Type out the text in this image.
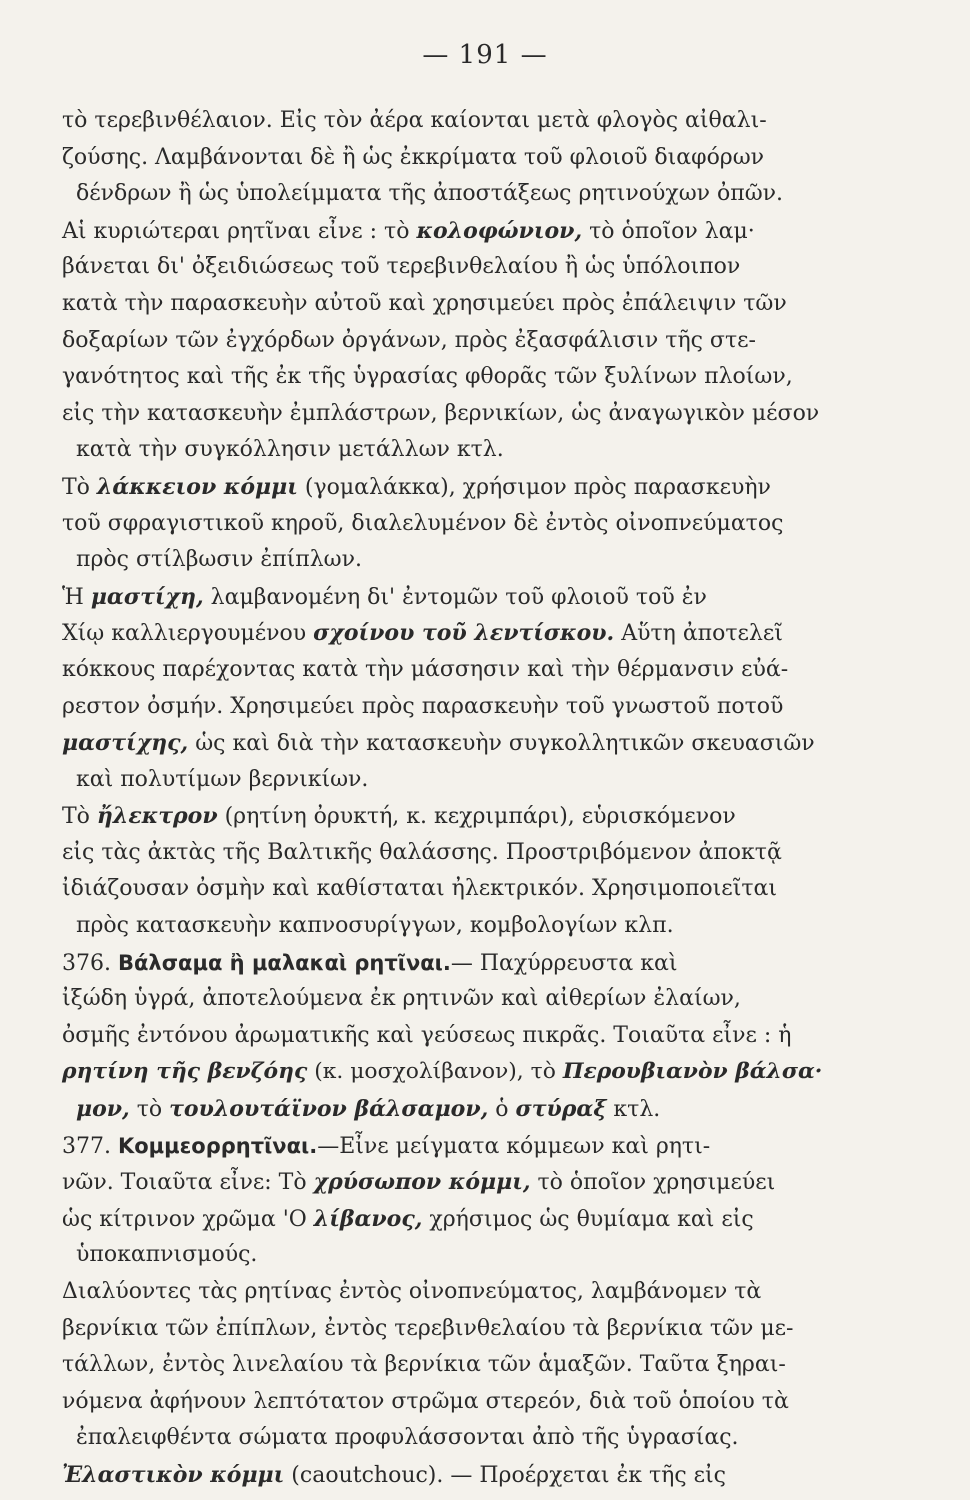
— 191 —
τὸ τερεβινθέλαιον. Εἰς τὸν ἀέρα καίονται μετὰ φλογὸς αἰθαλι-
ζούσης. Λαμβάνονται δὲ ἢ ὡς ἐκκρίματα τοῦ φλοιοῦ διαφόρων
δένδρων ἢ ὡς ὑπολείμματα τῆς ἀποστάξεως ρητινούχων ὀπῶν.
Αἱ κυριώτεραι ρητῖναι εἶνε : τὸ κολοφώνιον, τὸ ὁποῖον λαμ·
βάνεται δι' ὀξειδιώσεως τοῦ τερεβινθελαίου ἢ ὡς ὑπόλοιπον
κατὰ τὴν παρασκευὴν αὐτοῦ καὶ χρησιμεύει πρὸς ἐπάλειψιν τῶν
δοξαρίων τῶν ἐγχόρδων ὀργάνων, πρὸς ἐξασφάλισιν τῆς στε-
γανότητος καὶ τῆς ἐκ τῆς ὑγρασίας φθορᾶς τῶν ξυλίνων πλοίων,
εἰς τὴν κατασκευὴν ἐμπλάστρων, βερνικίων, ὡς ἀναγωγικὸν μέσον
κατὰ τὴν συγκόλλησιν μετάλλων κτλ.
Τὸ λάκκειον κόμμι (γομαλάκκα), χρήσιμον πρὸς παρασκευὴν
τοῦ σφραγιστικοῦ κηροῦ, διαλελυμένον δὲ ἐντὸς οἰνοπνεύματος
πρὸς στίλβωσιν ἐπίπλων.
Ἡ μαστίχη, λαμβανομένη δι' ἐντομῶν τοῦ φλοιοῦ τοῦ ἐν
Χίῳ καλλιεργουμένου σχοίνου τοῦ λεντίσκου. Αὕτη ἀποτελεῖ
κόκκους παρέχοντας κατὰ τὴν μάσσησιν καὶ τὴν θέρμανσιν εὐά-
ρεστον ὀσμήν. Χρησιμεύει πρὸς παρασκευὴν τοῦ γνωστοῦ ποτοῦ
μαστίχης, ὡς καὶ διὰ τὴν κατασκευὴν συγκολλητικῶν σκευασιῶν
καὶ πολυτίμων βερνικίων.
Τὸ ἤλεκτρον (ρητίνη ὀρυκτή, κ. κεχριμπάρι), εὑρισκόμενον
εἰς τὰς ἀκτὰς τῆς Βαλτικῆς θαλάσσης. Προστριβόμενον ἀποκτᾷ
ἰδιάζουσαν ὀσμὴν καὶ καθίσταται ἠλεκτρικόν. Χρησιμοποιεῖται
πρὸς κατασκευὴν καπνοσυρίγγων, κομβολογίων κλπ.
376. Βάλσαμα ἢ μαλακαὶ ρητῖναι.— Παχύρρευστα καὶ
ἰξώδη ὑγρά, ἀποτελούμενα ἐκ ρητινῶν καὶ αἰθερίων ἐλαίων,
ὀσμῆς ἐντόνου ἀρωματικῆς καὶ γεύσεως πικρᾶς. Τοιαῦτα εἶνε : ἡ
ρητίνη τῆς βενζόης (κ. μοσχολίβανον), τὸ Περουβιανὸν βάλσα·
μον, τὸ τουλουτάϊνον βάλσαμον, ὁ στύραξ κτλ.
377. Κομμεορρητῖναι.—Εἶνε μείγματα κόμμεων καὶ ρητι-
νῶν. Τοιαῦτα εἶνε: Τὸ χρύσωπον κόμμι, τὸ ὁποῖον χρησιμεύει
ὡς κίτρινον χρῶμα 'Ο λίβανος, χρήσιμος ὡς θυμίαμα καὶ εἰς
ὑποκαπνισμούς.
Διαλύοντες τὰς ρητίνας ἐντὸς οἰνοπνεύματος, λαμβάνομεν τὰ
βερνίκια τῶν ἐπίπλων, ἐντὸς τερεβινθελαίου τὰ βερνίκια τῶν με-
τάλλων, ἐντὸς λινελαίου τὰ βερνίκια τῶν ἁμαξῶν. Ταῦτα ξηραι-
νόμενα ἀφήνουν λεπτότατον στρῶμα στερεόν, διὰ τοῦ ὁποίου τὰ
ἐπαλειφθέντα σώματα προφυλάσσονται ἀπὸ τῆς ὑγρασίας.
Ἐλαστικὸν κόμμι (caoutchouc). — Προέρχεται ἐκ τῆς εἰς
